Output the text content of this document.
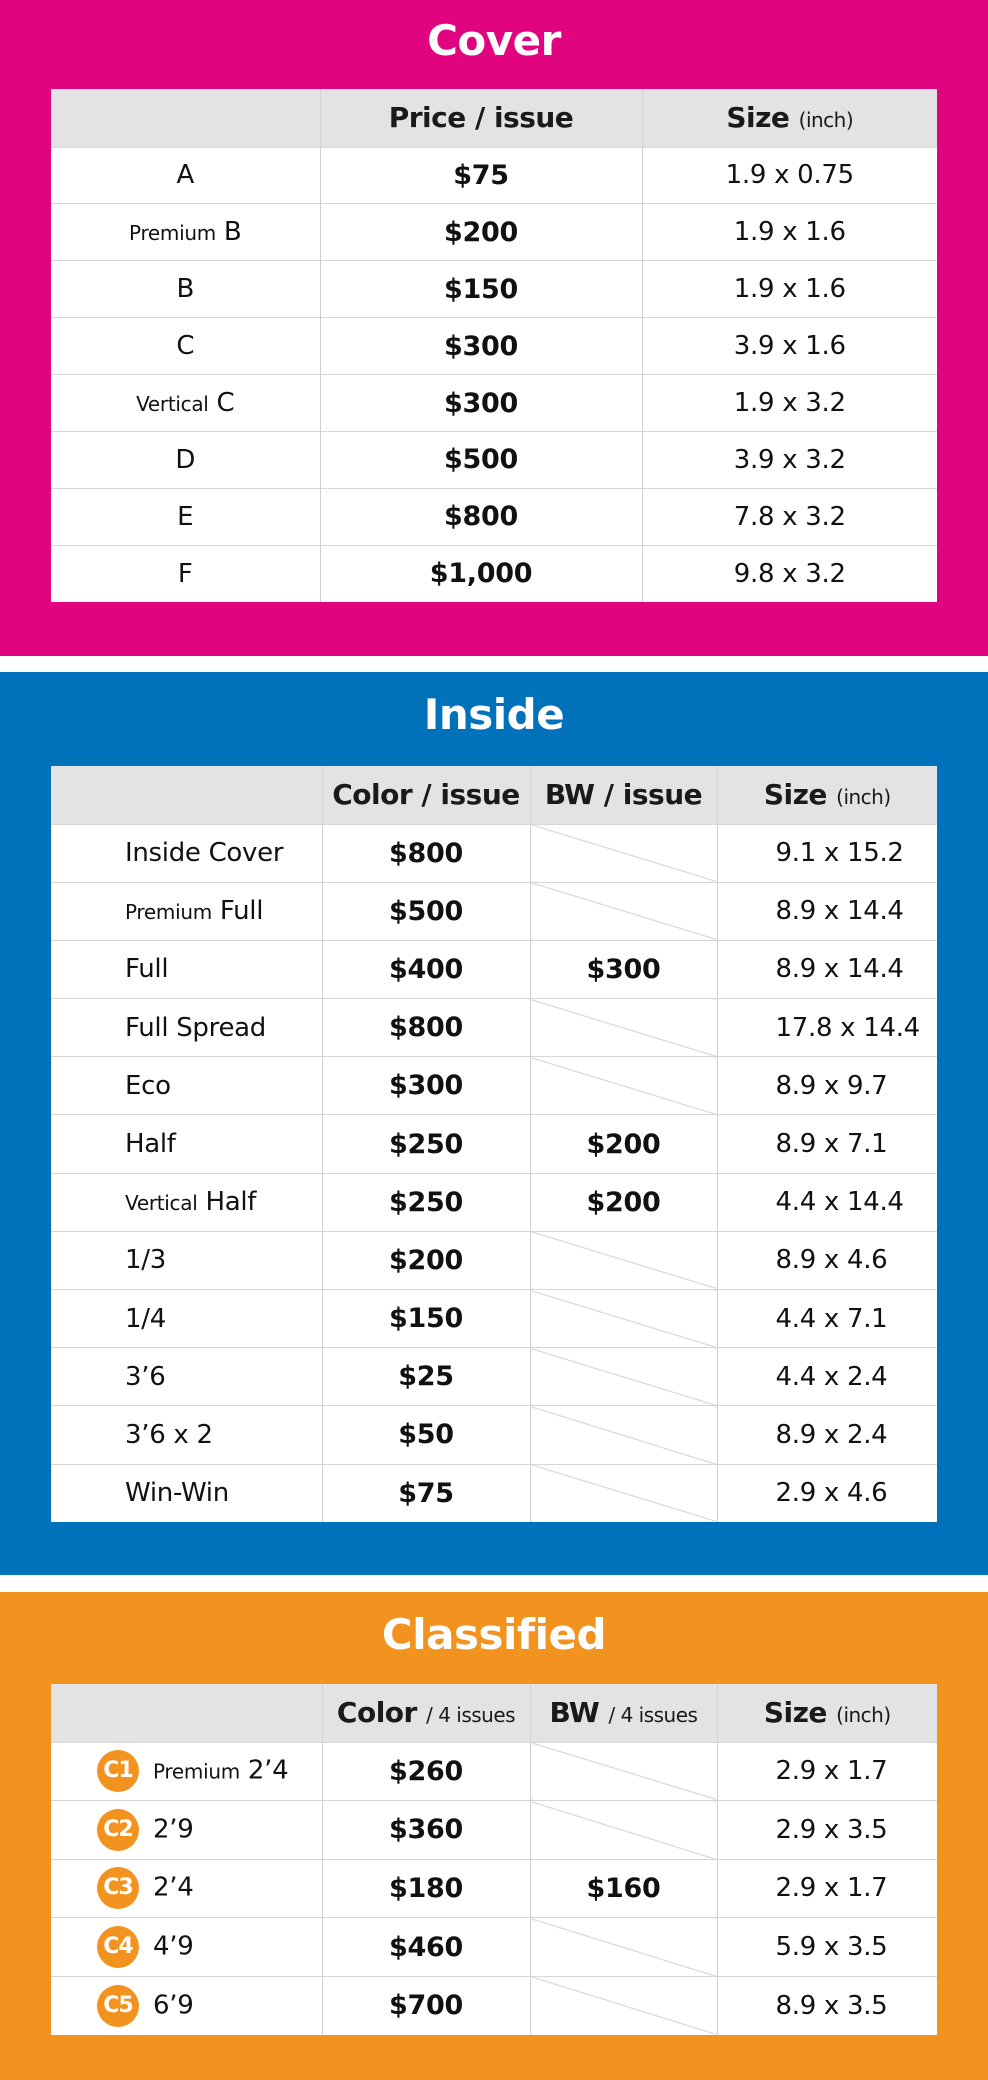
Cover
	Price / issue	Size (inch)
A	$75	1.9 x 0.75
Premium B	$200	1.9 x 1.6
B	$150	1.9 x 1.6
C	$300	3.9 x 1.6
Vertical C	$300	1.9 x 3.2
D	$500	3.9 x 3.2
E	$800	7.8 x 3.2
F	$1,000	9.8 x 3.2
Inside
	Color / issue	BW / issue	Size (inch)
Inside Cover	$800		9.1 x 15.2
Premium Full	$500		8.9 x 14.4
Full	$400	$300	8.9 x 14.4
Full Spread	$800		17.8 x 14.4
Eco	$300		8.9 x 9.7
Half	$250	$200	8.9 x 7.1
Vertical Half	$250	$200	4.4 x 14.4
1/3	$200		8.9 x 4.6
1/4	$150		4.4 x 7.1
3’6	$25		4.4 x 2.4
3’6 x 2	$50		8.9 x 2.4
Win-Win	$75		2.9 x 4.6
Classified
	Color / 4 issues	BW / 4 issues	Size (inch)
C1 Premium 2’4	$260		2.9 x 1.7
C2 2’9	$360		2.9 x 3.5
C3 2’4	$180	$160	2.9 x 1.7
C4 4’9	$460		5.9 x 3.5
C5 6’9	$700		8.9 x 3.5
